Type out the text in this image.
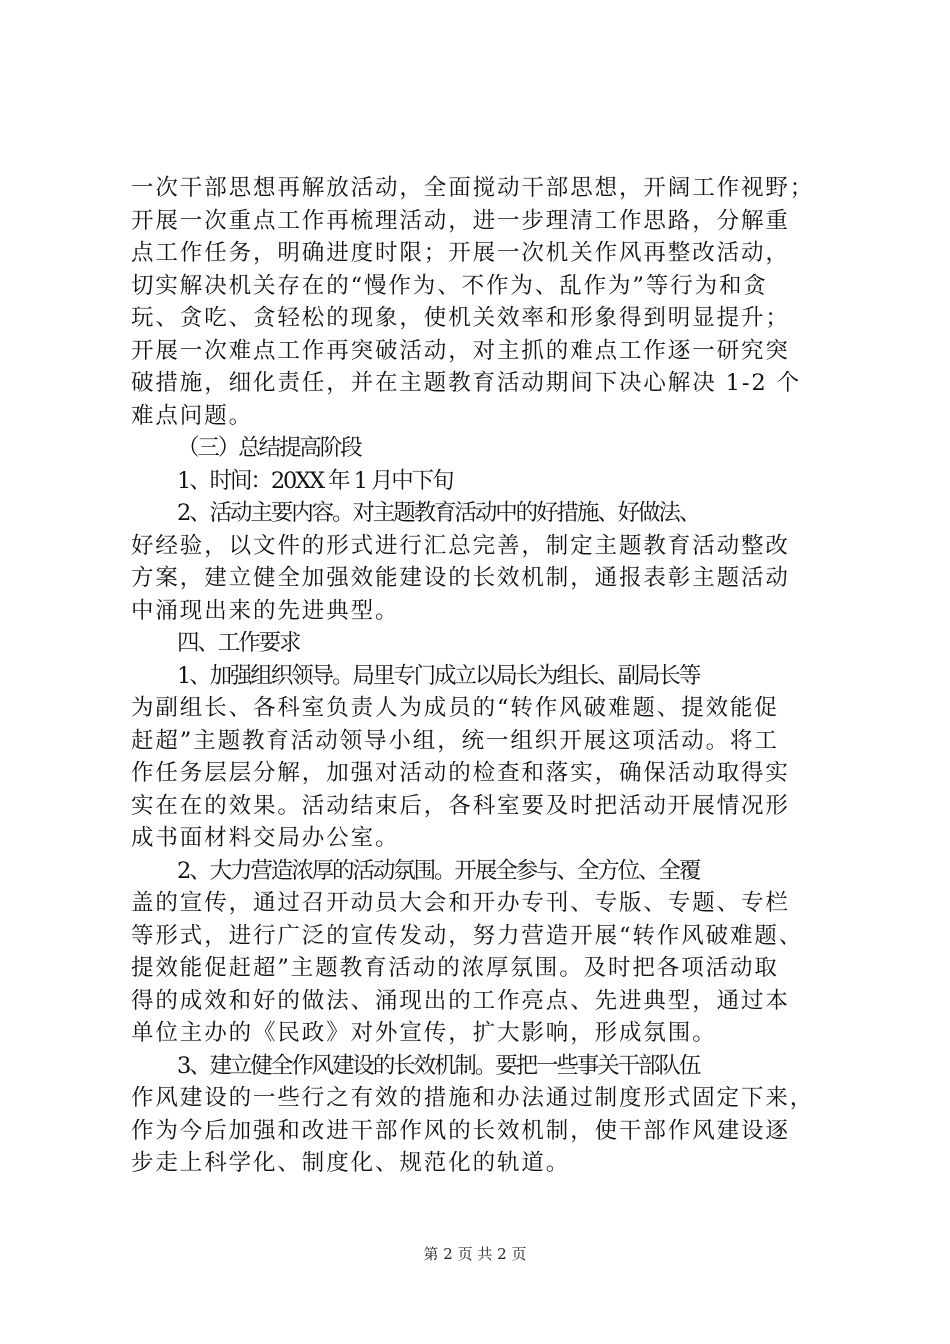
一次干部思想再解放活动，全面搅动干部思想，开阔工作视野；
开展一次重点工作再梳理活动，进一步理清工作思路，分解重
点工作任务，明确进度时限；开展一次机关作风再整改活动，
切实解决机关存在的“慢作为、不作为、乱作为”等行为和贪
玩、贪吃、贪轻松的现象，使机关效率和形象得到明显提升；
开展一次难点工作再突破活动，对主抓的难点工作逐一研究突
破措施，细化责任，并在主题教育活动期间下决心解决 1-2 个
难点问题。
（三）总结提高阶段
1、时间：20XX 年 1 月中下旬
2、活动主要内容。对主题教育活动中的好措施、好做法、
好经验，以文件的形式进行汇总完善，制定主题教育活动整改
方案，建立健全加强效能建设的长效机制，通报表彰主题活动
中涌现出来的先进典型。
四、工作要求
1、加强组织领导。局里专门成立以局长为组长、副局长等
为副组长、各科室负责人为成员的“转作风破难题、提效能促
赶超”主题教育活动领导小组，统一组织开展这项活动。将工
作任务层层分解，加强对活动的检查和落实，确保活动取得实
实在在的效果。活动结束后，各科室要及时把活动开展情况形
成书面材料交局办公室。
2、大力营造浓厚的活动氛围。开展全参与、全方位、全覆
盖的宣传，通过召开动员大会和开办专刊、专版、专题、专栏
等形式，进行广泛的宣传发动，努力营造开展“转作风破难题、
提效能促赶超”主题教育活动的浓厚氛围。及时把各项活动取
得的成效和好的做法、涌现出的工作亮点、先进典型，通过本
单位主办的《民政》对外宣传，扩大影响，形成氛围。
3、建立健全作风建设的长效机制。要把一些事关干部队伍
作风建设的一些行之有效的措施和办法通过制度形式固定下来，
作为今后加强和改进干部作风的长效机制，使干部作风建设逐
步走上科学化、制度化、规范化的轨道。
第 2 页 共 2 页
